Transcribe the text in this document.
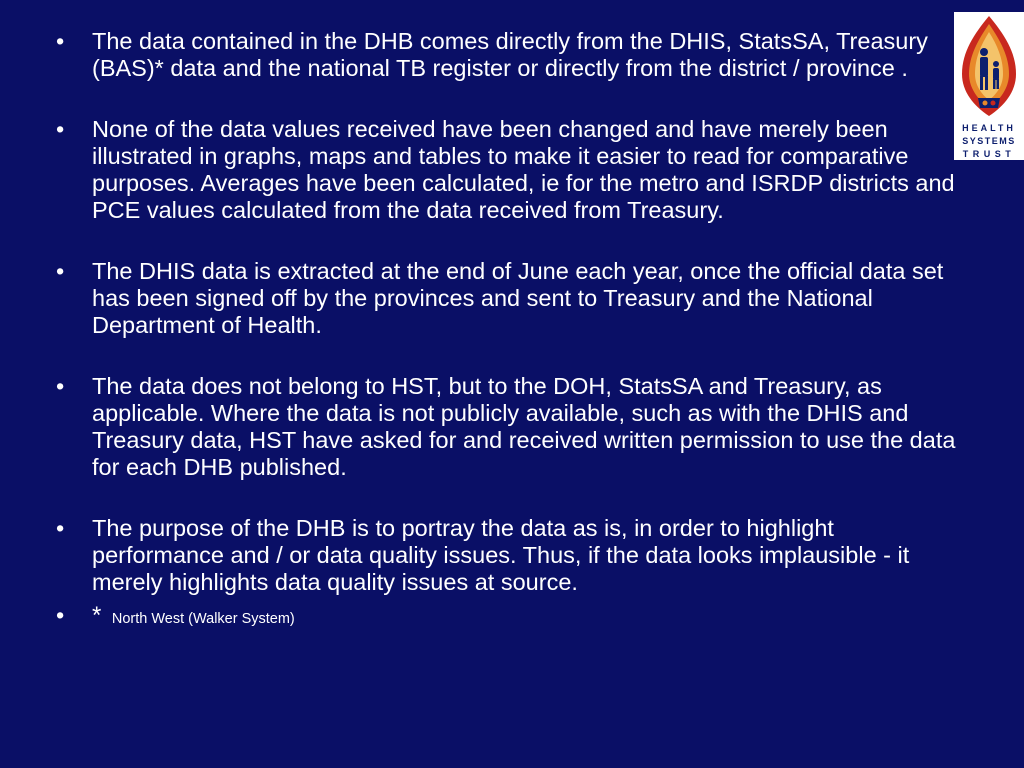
• The data contained in the DHB comes directly from the DHIS, StatsSA, Treasury (BAS)* data and the national TB register or directly from the district / province .
• None of the data values received have been changed and have merely been illustrated in graphs, maps and tables to make it easier to read for comparative purposes. Averages have been calculated, ie for the metro and ISRDP districts and PCE values calculated from the data received from Treasury.
• The DHIS data is extracted at the end of June each year, once the official data set has been signed off by the provinces and sent to Treasury and the National Department of Health.
• The data does not belong to HST, but to the DOH, StatsSA and Treasury, as applicable. Where the data is not publicly available, such as with the DHIS and Treasury data, HST have asked for and received written permission to use the data for each DHB published.
• The purpose of the DHB is to portray the data as is, in order to highlight performance and / or data quality issues. Thus, if the data looks implausible - it merely highlights data quality issues at source.
• * North West (Walker System)
HEALTH
SYSTEMS
TRUST
